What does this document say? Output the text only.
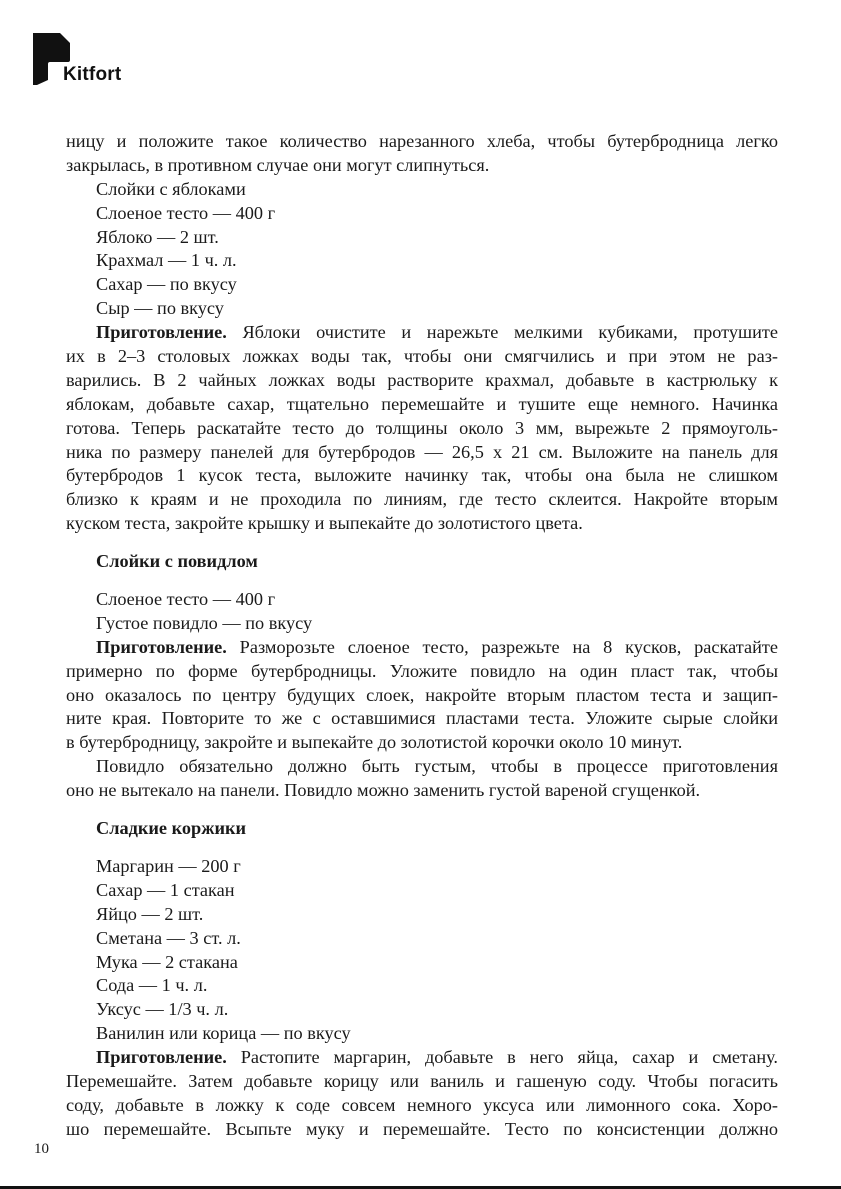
Kitfort
ницу и положите такое количество нарезанного хлеба, чтобы бутербродница легко
закрылась, в противном случае они могут слипнуться.
Слойки с яблоками
Слоеное тесто — 400 г
Яблоко — 2 шт.
Крахмал — 1 ч. л.
Сахар — по вкусу
Сыр — по вкусу
Приготовление. Яблоки очистите и нарежьте мелкими кубиками, протушите
их в 2–3 столовых ложках воды так, чтобы они смягчились и при этом не раз-
варились. В 2 чайных ложках воды растворите крахмал, добавьте в кастрюльку к
яблокам, добавьте сахар, тщательно перемешайте и тушите еще немного. Начинка
готова. Теперь раскатайте тесто до толщины около 3 мм, вырежьте 2 прямоуголь-
ника по размеру панелей для бутербродов — 26,5 х 21 см. Выложите на панель для
бутербродов 1 кусок теста, выложите начинку так, чтобы она была не слишком
близко к краям и не проходила по линиям, где тесто склеится. Накройте вторым
куском теста, закройте крышку и выпекайте до золотистого цвета.
Слойки с повидлом
Слоеное тесто — 400 г
Густое повидло — по вкусу
Приготовление. Разморозьте слоеное тесто, разрежьте на 8 кусков, раскатайте
примерно по форме бутербродницы. Уложите повидло на один пласт так, чтобы
оно оказалось по центру будущих слоек, накройте вторым пластом теста и защип-
ните края. Повторите то же с оставшимися пластами теста. Уложите сырые слойки
в бутербродницу, закройте и выпекайте до золотистой корочки около 10 минут.
Повидло обязательно должно быть густым, чтобы в процессе приготовления
оно не вытекало на панели. Повидло можно заменить густой вареной сгущенкой.
Сладкие коржики
Маргарин — 200 г
Сахар — 1 стакан
Яйцо — 2 шт.
Сметана — 3 ст. л.
Мука — 2 стакана
Сода — 1 ч. л.
Уксус — 1/3 ч. л.
Ванилин или корица — по вкусу
Приготовление. Растопите маргарин, добавьте в него яйца, сахар и сметану.
Перемешайте. Затем добавьте корицу или ваниль и гашеную соду. Чтобы погасить
соду, добавьте в ложку к соде совсем немного уксуса или лимонного сока. Хоро-
шо перемешайте. Всыпьте муку и перемешайте. Тесто по консистенции должно
10
